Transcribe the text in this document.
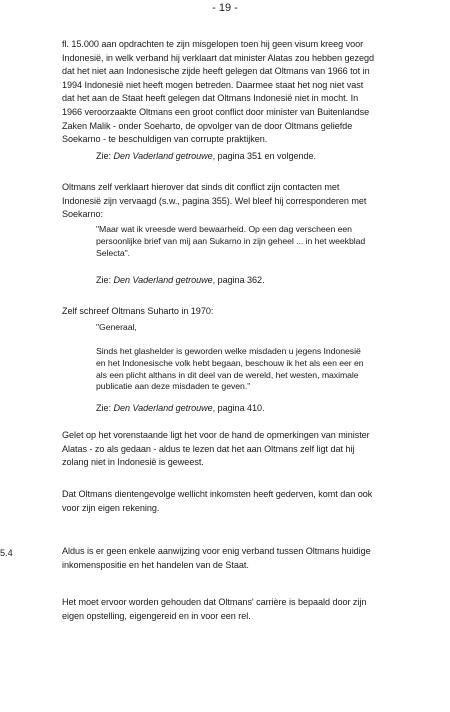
- 19 -
fl. 15.000 aan opdrachten te zijn misgelopen toen hij geen visum kreeg voor
Indonesië, in welk verband hij verklaart dat minister Alatas zou hebben gezegd
dat het niet aan Indonesische zijde heeft gelegen dat Oltmans van 1966 tot in
1994 Indonesië niet heeft mogen betreden. Daarmee staat het nog niet vast
dat het aan de Staat heeft gelegen dat Oltmans Indonesië niet in mocht. In
1966 veroorzaakte Oltmans een groot conflict door minister van Buitenlandse
Zaken Malik - onder Soeharto, de opvolger van de door Oltmans geliefde
Soekarno - te beschuldigen van corrupte praktijken.
Zie: Den Vaderland getrouwe, pagina 351 en volgende.
Oltmans zelf verklaart hierover dat sinds dit conflict zijn contacten met
Indonesië zijn vervaagd (s.w., pagina 355). Wel bleef hij corresponderen met
Soekarno:
"Maar wat ik vreesde werd bewaarheid. Op een dag verscheen een
persoonlijke brief van mij aan Sukarno in zijn geheel ... in het weekblad
Selecta".
Zie: Den Vaderland getrouwe, pagina 362.
Zelf schreef Oltmans Suharto in 1970:
"Generaal,
Sinds het glashelder is geworden welke misdaden u jegens Indonesië
en het Indonesische volk hebt begaan, beschouw ik het als een eer en
als een plicht althans in dit deel van de wereld, het westen, maximale
publicatie aan deze misdaden te geven."
Zie: Den Vaderland getrouwe, pagina 410.
Gelet op het vorenstaande ligt het voor de hand de opmerkingen van minister
Alatas - zo als gedaan - aldus te lezen dat het aan Oltmans zelf ligt dat hij
zolang niet in Indonesië is geweest.
Dat Oltmans dientengevolge wellicht inkomsten heeft gederven, komt dan ook
voor zijn eigen rekening.
5.4	Aldus is er geen enkele aanwijzing voor enig verband tussen Oltmans huidige
inkomenspositie en het handelen van de Staat.
Het moet ervoor worden gehouden dat Oltmans' carrière is bepaald door zijn
eigen opstelling, eigengereid en in voor een rel.
